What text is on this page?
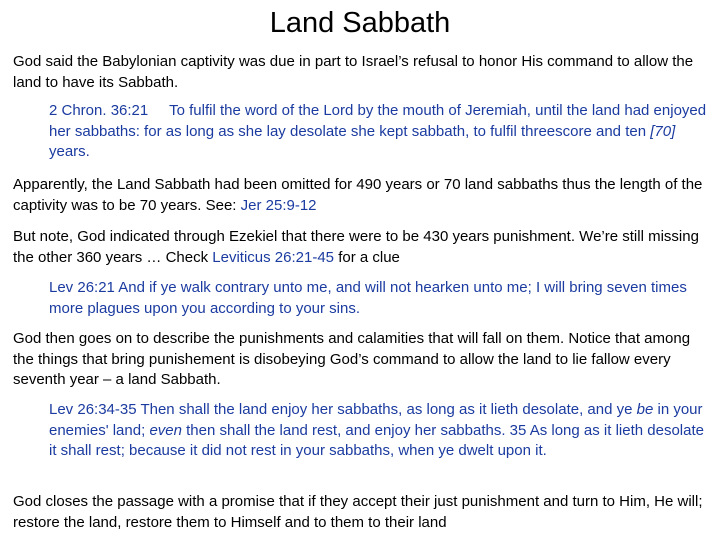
Land Sabbath

God said the Babylonian captivity was due in part to Israel’s refusal to honor His command to allow the land to have its Sabbath.

2 Chron. 36:21 To fulfil the word of the Lord by the mouth of Jeremiah, until the land had enjoyed her sabbaths: for as long as she lay desolate she kept sabbath, to fulfil threescore and ten [70] years.

Apparently, the Land Sabbath had been omitted for 490 years or 70 land sabbaths thus the length of the captivity was to be 70 years. See: Jer 25:9-12

But note, God indicated through Ezekiel that there were to be 430 years punishment. We’re still missing the other 360 years … Check Leviticus 26:21-45 for a clue

Lev 26:21 And if ye walk contrary unto me, and will not hearken unto me; I will bring seven times more plagues upon you according to your sins.

God then goes on to describe the punishments and calamities that will fall on them. Notice that among the things that bring punishement is disobeying God’s command to allow the land to lie fallow every seventh year – a land Sabbath.

Lev 26:34-35 Then shall the land enjoy her sabbaths, as long as it lieth desolate, and ye be in your enemies' land; even then shall the land rest, and enjoy her sabbaths. 35 As long as it lieth desolate it shall rest; because it did not rest in your sabbaths, when ye dwelt upon it.

God closes the passage with a promise that if they accept their just punishment and turn to Him, He will; restore the land, restore them to Himself and to them to their land
